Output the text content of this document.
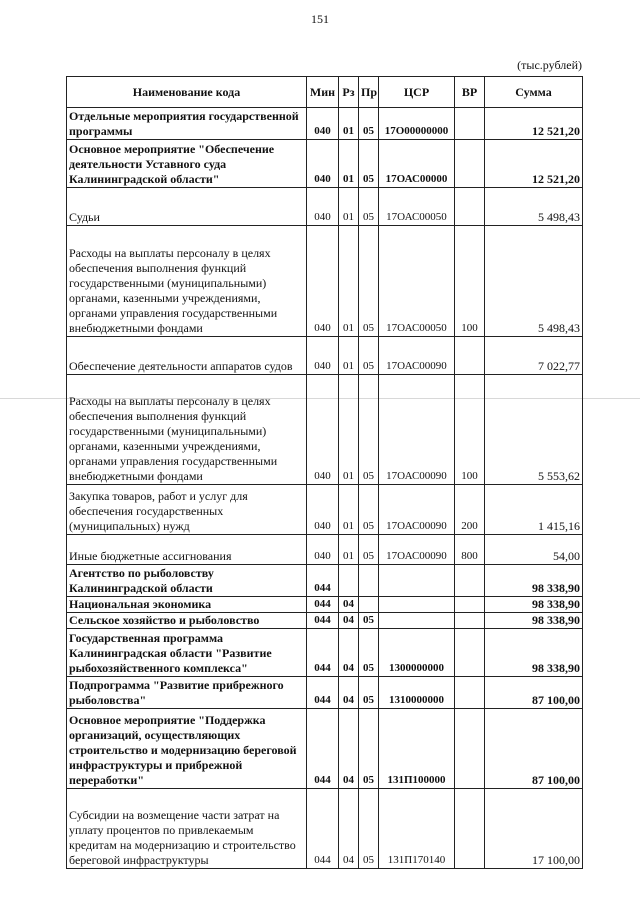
151
(тыс.рублей)
Наименование кода	Мин	Рз	Пр	ЦСР	ВР	Сумма
Отдельные мероприятия государственной программы	040	01	05	17О00000000		12 521,20
Основное мероприятие "Обеспечение деятельности Уставного суда Калининградской области"	040	01	05	17ОАС00000		12 521,20
Судьи	040	01	05	17ОАС00050		5 498,43
Расходы на выплаты персоналу в целях обеспечения выполнения функций государственными (муниципальными) органами, казенными учреждениями, органами управления государственными внебюджетными фондами	040	01	05	17ОАС00050	100	5 498,43
Обеспечение деятельности аппаратов судов	040	01	05	17ОАС00090		7 022,77
Расходы на выплаты персоналу в целях обеспечения выполнения функций государственными (муниципальными) органами, казенными учреждениями, органами управления государственными внебюджетными фондами	040	01	05	17ОАС00090	100	5 553,62
Закупка товаров, работ и услуг для обеспечения государственных (муниципальных) нужд	040	01	05	17ОАС00090	200	1 415,16
Иные бюджетные ассигнования	040	01	05	17ОАС00090	800	54,00
Агентство по рыболовству Калининградской области	044					98 338,90
Национальная экономика	044	04				98 338,90
Сельское хозяйство и рыболовство	044	04	05			98 338,90
Государственная программа Калининградская области "Развитие рыбохозяйственного комплекса"	044	04	05	1300000000		98 338,90
Подпрограмма "Развитие прибрежного рыболовства"	044	04	05	1310000000		87 100,00
Основное мероприятие "Поддержка организаций, осуществляющих строительство и модернизацию береговой инфраструктуры и прибрежной переработки"	044	04	05	131П100000		87 100,00
Субсидии на возмещение части затрат на уплату процентов по привлекаемым кредитам на модернизацию и строительство береговой инфраструктуры	044	04	05	131П170140		17 100,00
